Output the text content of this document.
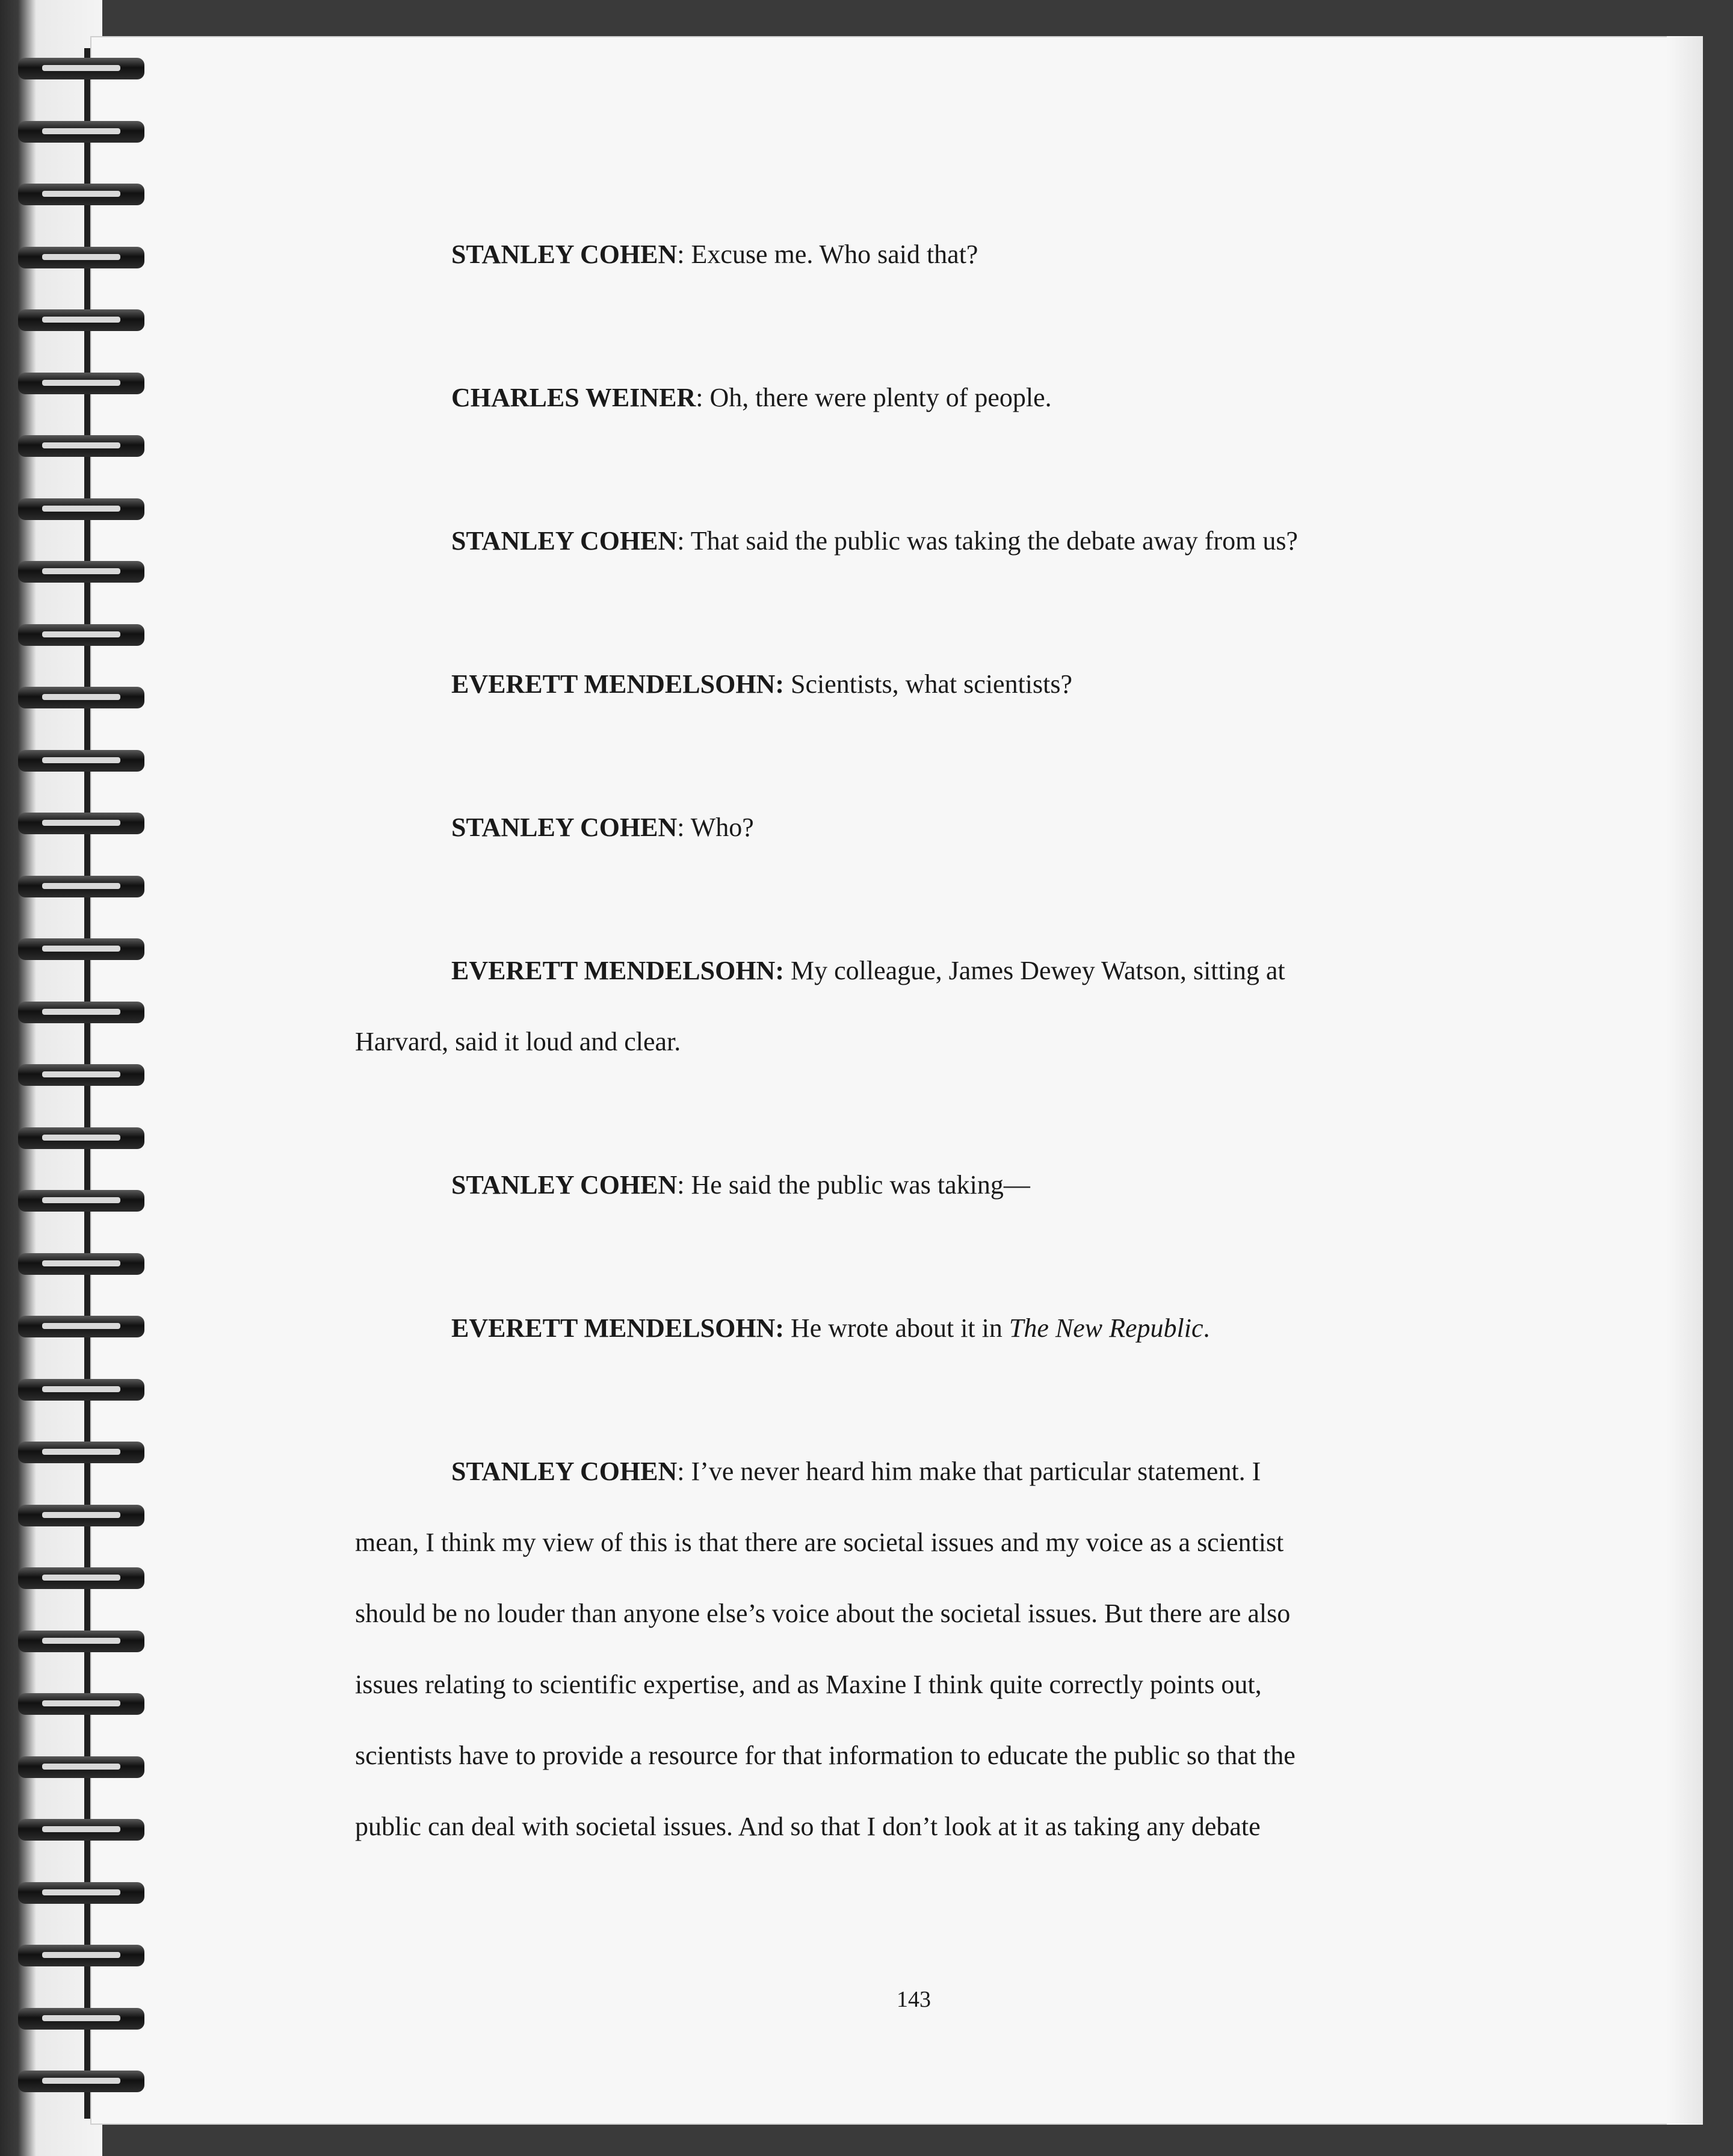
STANLEY COHEN: Excuse me. Who said that?

CHARLES WEINER: Oh, there were plenty of people.

STANLEY COHEN: That said the public was taking the debate away from us?

EVERETT MENDELSOHN: Scientists, what scientists?

STANLEY COHEN: Who?

EVERETT MENDELSOHN: My colleague, James Dewey Watson, sitting at

Harvard, said it loud and clear.

STANLEY COHEN: He said the public was taking—

EVERETT MENDELSOHN: He wrote about it in The New Republic.

STANLEY COHEN: I’ve never heard him make that particular statement. I

mean, I think my view of this is that there are societal issues and my voice as a scientist

should be no louder than anyone else’s voice about the societal issues. But there are also

issues relating to scientific expertise, and as Maxine I think quite correctly points out,

scientists have to provide a resource for that information to educate the public so that the

public can deal with societal issues. And so that I don’t look at it as taking any debate

143
